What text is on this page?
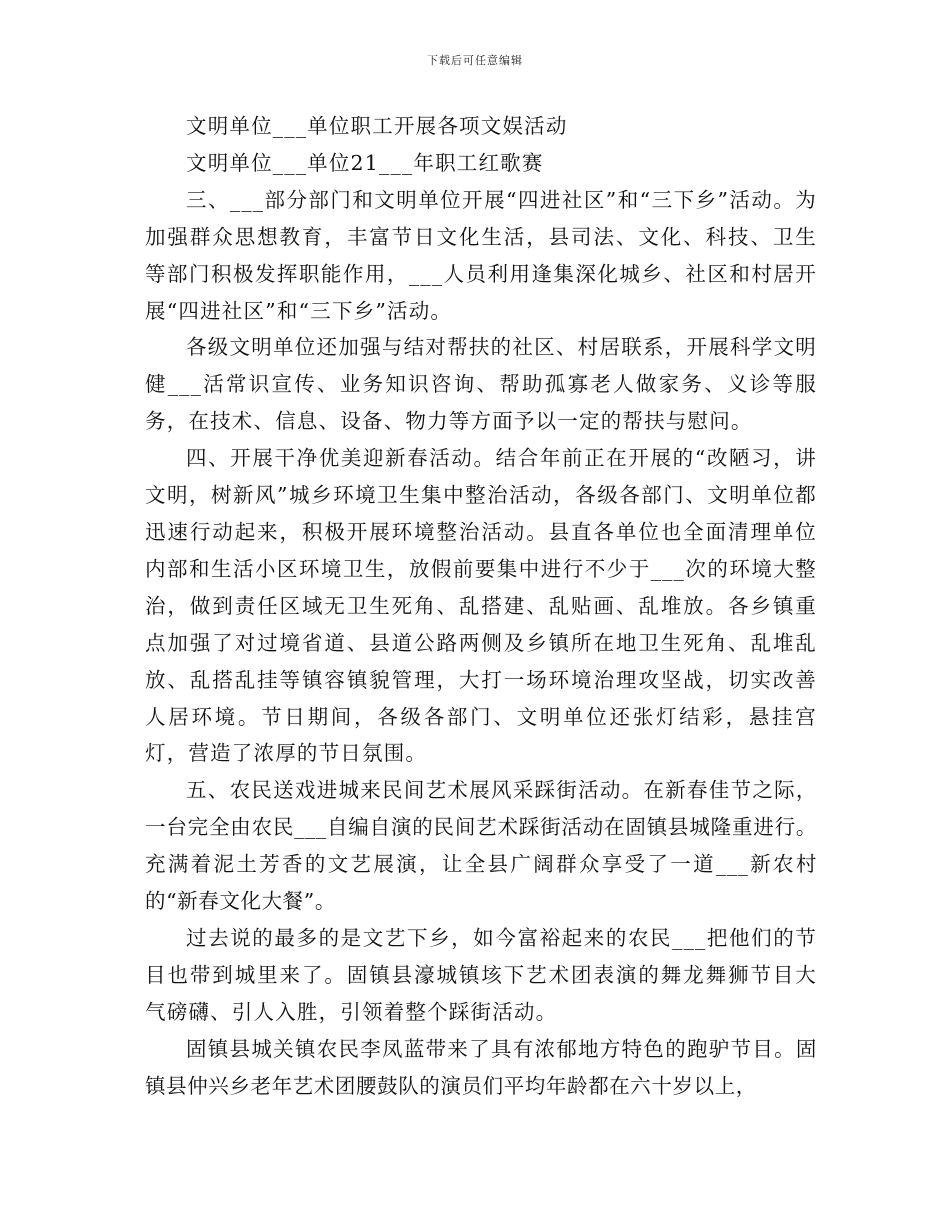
下载后可任意编辑

文明单位___单位职工开展各项文娱活动

文明单位___单位21___年职工红歌赛

三、___部分部门和文明单位开展“四进社区”和“三下乡”活动。为加强群众思想教育，丰富节日文化生活，县司法、文化、科技、卫生等部门积极发挥职能作用，___人员利用逢集深化城乡、社区和村居开展“四进社区”和“三下乡”活动。

各级文明单位还加强与结对帮扶的社区、村居联系，开展科学文明健___活常识宣传、业务知识咨询、帮助孤寡老人做家务、义诊等服务，在技术、信息、设备、物力等方面予以一定的帮扶与慰问。

四、开展干净优美迎新春活动。结合年前正在开展的“改陋习，讲文明，树新风”城乡环境卫生集中整治活动，各级各部门、文明单位都迅速行动起来，积极开展环境整治活动。县直各单位也全面清理单位内部和生活小区环境卫生，放假前要集中进行不少于___次的环境大整治，做到责任区域无卫生死角、乱搭建、乱贴画、乱堆放。各乡镇重点加强了对过境省道、县道公路两侧及乡镇所在地卫生死角、乱堆乱放、乱搭乱挂等镇容镇貌管理，大打一场环境治理攻坚战，切实改善人居环境。节日期间，各级各部门、文明单位还张灯结彩，悬挂宫灯，营造了浓厚的节日氛围。

五、农民送戏进城来民间艺术展风采踩街活动。在新春佳节之际，一台完全由农民___自编自演的民间艺术踩街活动在固镇县城隆重进行。充满着泥土芳香的文艺展演，让全县广阔群众享受了一道___新农村的“新春文化大餐”。

过去说的最多的是文艺下乡，如今富裕起来的农民___把他们的节目也带到城里来了。固镇县濠城镇垓下艺术团表演的舞龙舞狮节目大气磅礴、引人入胜，引领着整个踩街活动。

固镇县城关镇农民李凤蓝带来了具有浓郁地方特色的跑驴节目。固镇县仲兴乡老年艺术团腰鼓队的演员们平均年龄都在六十岁以上，
